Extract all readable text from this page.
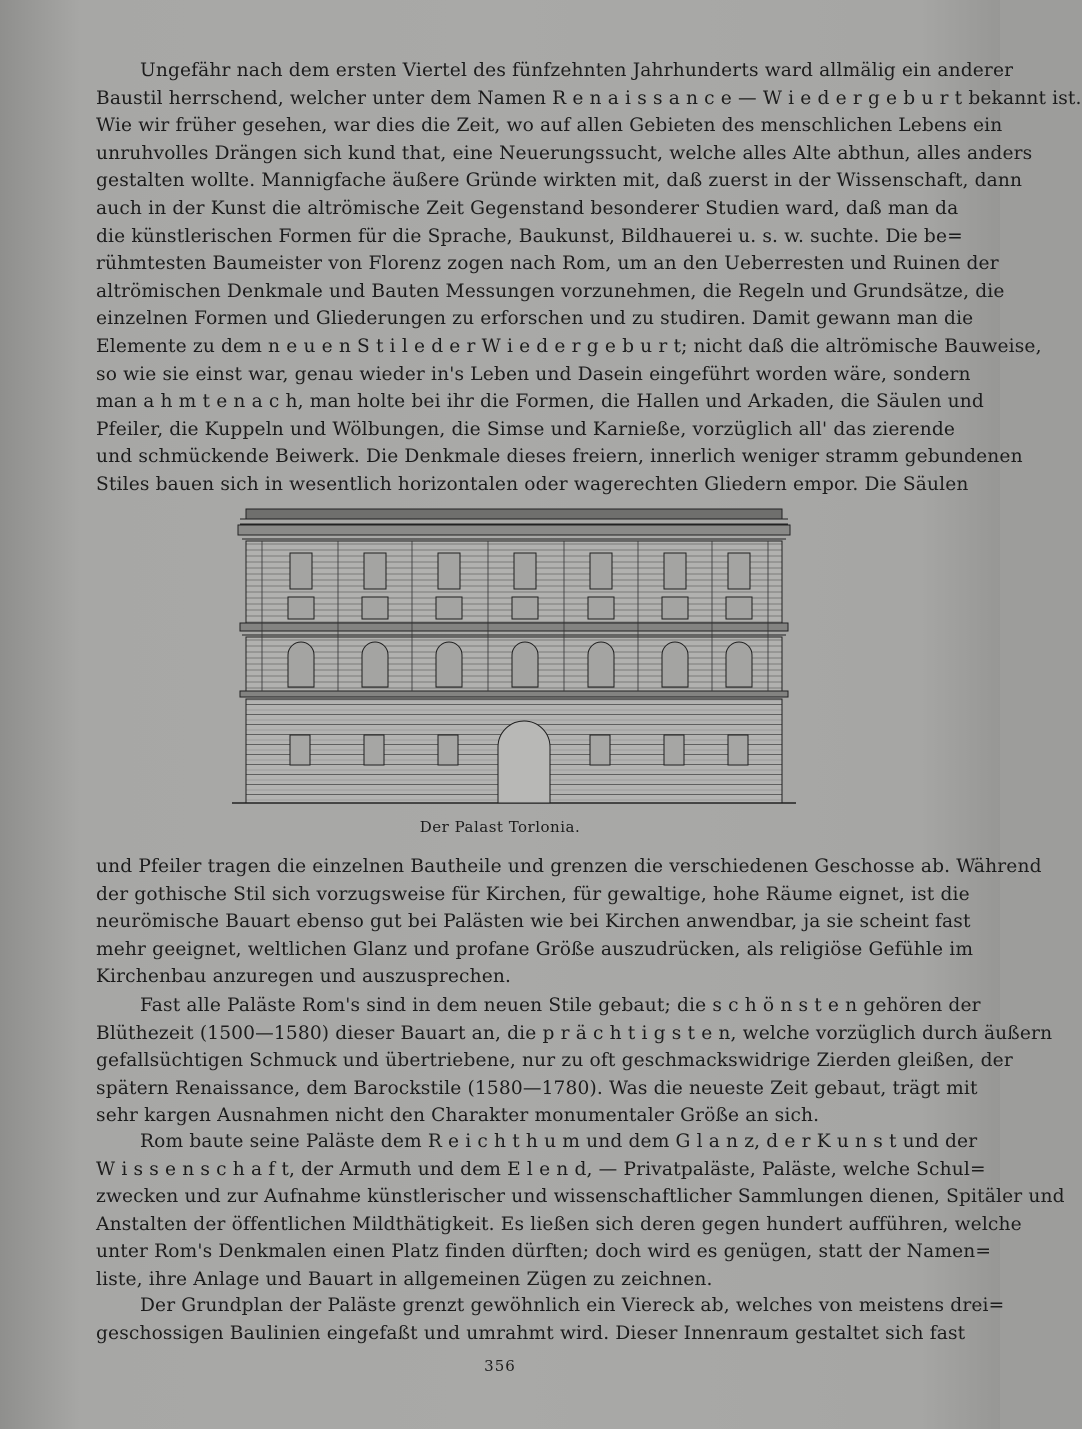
Ungefähr nach dem ersten Viertel des fünfzehnten Jahrhunderts ward allmälig ein anderer
Baustil herrschend, welcher unter dem Namen R e n a i s s a n c e — W i e d e r g e b u r t bekannt ist.
Wie wir früher gesehen, war dies die Zeit, wo auf allen Gebieten des menschlichen Lebens ein
unruhvolles Drängen sich kund that, eine Neuerungssucht, welche alles Alte abthun, alles anders
gestalten wollte. Mannigfache äußere Gründe wirkten mit, daß zuerst in der Wissenschaft, dann
auch in der Kunst die altrömische Zeit Gegenstand besonderer Studien ward, daß man da
die künstlerischen Formen für die Sprache, Baukunst, Bildhauerei u. s. w. suchte. Die be=
rühmtesten Baumeister von Florenz zogen nach Rom, um an den Ueberresten und Ruinen der
altrömischen Denkmale und Bauten Messungen vorzunehmen, die Regeln und Grundsätze, die
einzelnen Formen und Gliederungen zu erforschen und zu studiren. Damit gewann man die
Elemente zu dem n e u e n S t i l e d e r W i e d e r g e b u r t; nicht daß die altrömische Bauweise,
so wie sie einst war, genau wieder in's Leben und Dasein eingeführt worden wäre, sondern
man a h m t e n a c h, man holte bei ihr die Formen, die Hallen und Arkaden, die Säulen und
Pfeiler, die Kuppeln und Wölbungen, die Simse und Karnieße, vorzüglich all' das zierende
und schmückende Beiwerk. Die Denkmale dieses freiern, innerlich weniger stramm gebundenen
Stiles bauen sich in wesentlich horizontalen oder wagerechten Gliedern empor. Die Säulen
Der Palast Torlonia.
und Pfeiler tragen die einzelnen Bautheile und grenzen die verschiedenen Geschosse ab. Während
der gothische Stil sich vorzugsweise für Kirchen, für gewaltige, hohe Räume eignet, ist die
neurömische Bauart ebenso gut bei Palästen wie bei Kirchen anwendbar, ja sie scheint fast
mehr geeignet, weltlichen Glanz und profane Größe auszudrücken, als religiöse Gefühle im
Kirchenbau anzuregen und auszusprechen.
Fast alle Paläste Rom's sind in dem neuen Stile gebaut; die s c h ö n s t e n gehören der
Blüthezeit (1500—1580) dieser Bauart an, die p r ä c h t i g s t e n, welche vorzüglich durch äußern
gefallsüchtigen Schmuck und übertriebene, nur zu oft geschmackswidrige Zierden gleißen, der
spätern Renaissance, dem Barockstile (1580—1780). Was die neueste Zeit gebaut, trägt mit
sehr kargen Ausnahmen nicht den Charakter monumentaler Größe an sich.
Rom baute seine Paläste dem R e i c h t h u m und dem G l a n z, d e r K u n s t und der
W i s s e n s c h a f t, der Armuth und dem E l e n d, — Privatpaläste, Paläste, welche Schul=
zwecken und zur Aufnahme künstlerischer und wissenschaftlicher Sammlungen dienen, Spitäler und
Anstalten der öffentlichen Mildthätigkeit. Es ließen sich deren gegen hundert aufführen, welche
unter Rom's Denkmalen einen Platz finden dürften; doch wird es genügen, statt der Namen=
liste, ihre Anlage und Bauart in allgemeinen Zügen zu zeichnen.
Der Grundplan der Paläste grenzt gewöhnlich ein Viereck ab, welches von meistens drei=
geschossigen Baulinien eingefaßt und umrahmt wird. Dieser Innenraum gestaltet sich fast
356
